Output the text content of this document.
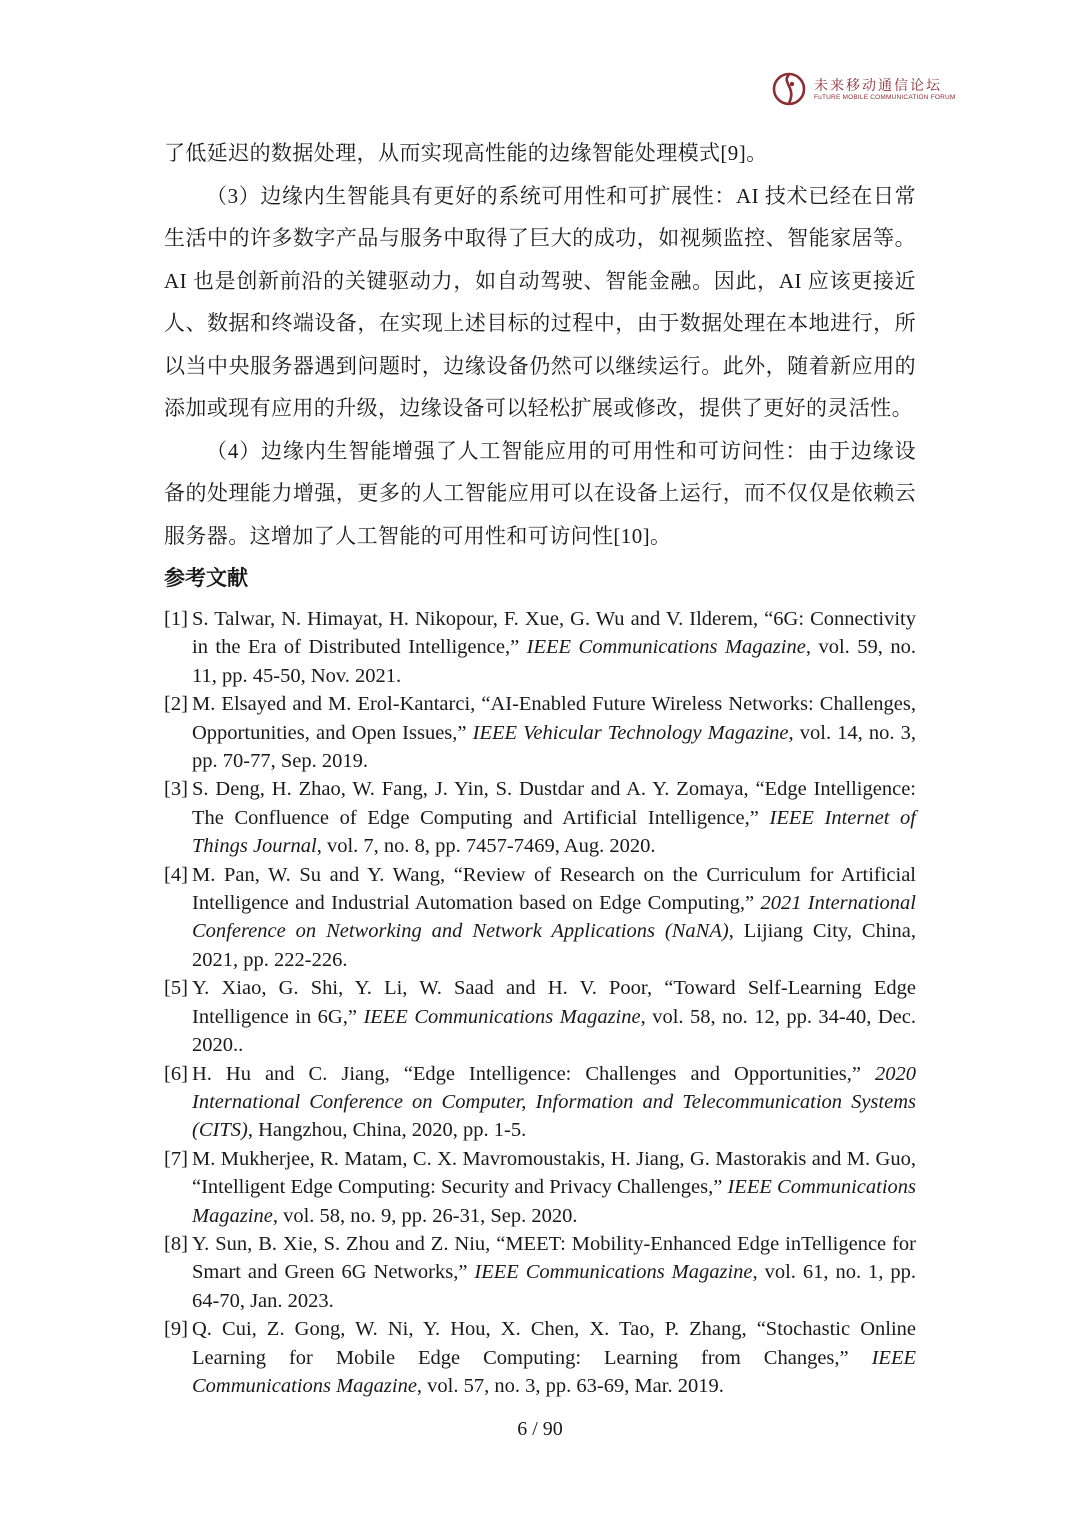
未来移动通信论坛
FuTURE MOBILE COMMUNICATION FORUM

了低延迟的数据处理，从而实现高性能的边缘智能处理模式[9]。

（3）边缘内生智能具有更好的系统可用性和可扩展性：AI 技术已经在日常生活中的许多数字产品与服务中取得了巨大的成功，如视频监控、智能家居等。AI 也是创新前沿的关键驱动力，如自动驾驶、智能金融。因此，AI 应该更接近人、数据和终端设备，在实现上述目标的过程中，由于数据处理在本地进行，所以当中央服务器遇到问题时，边缘设备仍然可以继续运行。此外，随着新应用的添加或现有应用的升级，边缘设备可以轻松扩展或修改，提供了更好的灵活性。

（4）边缘内生智能增强了人工智能应用的可用性和可访问性：由于边缘设备的处理能力增强，更多的人工智能应用可以在设备上运行，而不仅仅是依赖云服务器。这增加了人工智能的可用性和可访问性[10]。

参考文献

[1] S. Talwar, N. Himayat, H. Nikopour, F. Xue, G. Wu and V. Ilderem, “6G: Connectivity in the Era of Distributed Intelligence,” IEEE Communications Magazine, vol. 59, no. 11, pp. 45-50, Nov. 2021.

[2] M. Elsayed and M. Erol-Kantarci, “AI-Enabled Future Wireless Networks: Challenges, Opportunities, and Open Issues,” IEEE Vehicular Technology Magazine, vol. 14, no. 3, pp. 70-77, Sep. 2019.

[3] S. Deng, H. Zhao, W. Fang, J. Yin, S. Dustdar and A. Y. Zomaya, “Edge Intelligence: The Confluence of Edge Computing and Artificial Intelligence,” IEEE Internet of Things Journal, vol. 7, no. 8, pp. 7457-7469, Aug. 2020.

[4] M. Pan, W. Su and Y. Wang, “Review of Research on the Curriculum for Artificial Intelligence and Industrial Automation based on Edge Computing,” 2021 International Conference on Networking and Network Applications (NaNA), Lijiang City, China, 2021, pp. 222-226.

[5] Y. Xiao, G. Shi, Y. Li, W. Saad and H. V. Poor, “Toward Self-Learning Edge Intelligence in 6G,” IEEE Communications Magazine, vol. 58, no. 12, pp. 34-40, Dec. 2020..

[6] H. Hu and C. Jiang, “Edge Intelligence: Challenges and Opportunities,” 2020 International Conference on Computer, Information and Telecommunication Systems (CITS), Hangzhou, China, 2020, pp. 1-5.

[7] M. Mukherjee, R. Matam, C. X. Mavromoustakis, H. Jiang, G. Mastorakis and M. Guo, “Intelligent Edge Computing: Security and Privacy Challenges,” IEEE Communications Magazine, vol. 58, no. 9, pp. 26-31, Sep. 2020.

[8] Y. Sun, B. Xie, S. Zhou and Z. Niu, “MEET: Mobility-Enhanced Edge inTelligence for Smart and Green 6G Networks,” IEEE Communications Magazine, vol. 61, no. 1, pp. 64-70, Jan. 2023.

[9] Q. Cui, Z. Gong, W. Ni, Y. Hou, X. Chen, X. Tao, P. Zhang, “Stochastic Online Learning for Mobile Edge Computing: Learning from Changes,” IEEE Communications Magazine, vol. 57, no. 3, pp. 63-69, Mar. 2019.

6 / 90
